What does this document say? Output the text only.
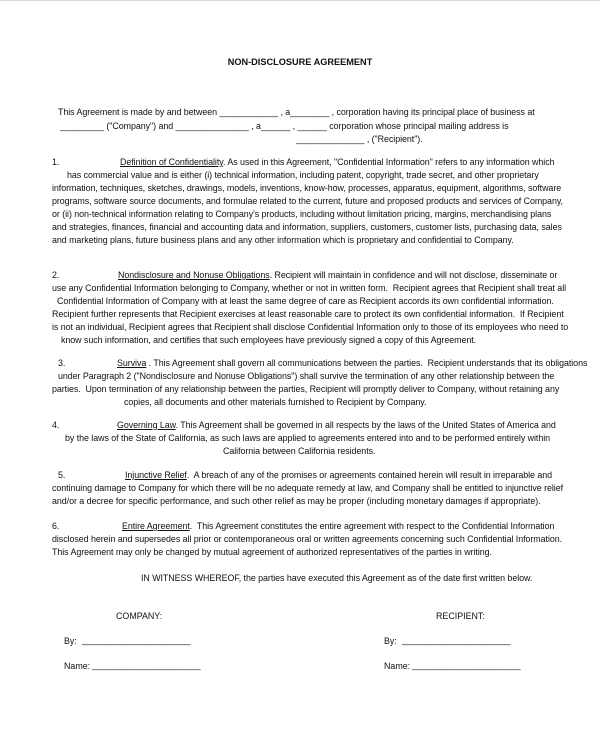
NON-DISCLOSURE AGREEMENT
This Agreement is made by and between ____________ , a________ , corporation having its principal place of business at
_________ ("Company") and _______________ , a______ , ______ corporation whose principal mailing address is
______________ , ("Recipient").
1.	Definition of Confidentiality. As used in this Agreement, "Confidential Information" refers to any information which
has commercial value and is either (i) technical information, including patent, copyright, trade secret, and other proprietary
information, techniques, sketches, drawings, models, inventions, know-how, processes, apparatus, equipment, algorithms, software
programs, software source documents, and formulae related to the current, future and proposed products and services of Company,
or (ii) non-technical information relating to Company's products, including without limitation pricing, margins, merchandising plans
and strategies, finances, financial and accounting data and information, suppliers, customers, customer lists, purchasing data, sales
and marketing plans, future business plans and any other information which is proprietary and confidential to Company.
2.	Nondisclosure and Nonuse Obligations. Recipient will maintain in confidence and will not disclose, disseminate or
use any Confidential Information belonging to Company, whether or not in written form.  Recipient agrees that Recipient shall treat all
Confidential Information of Company with at least the same degree of care as Recipient accords its own confidential information.
Recipient further represents that Recipient exercises at least reasonable care to protect its own confidential information.  If Recipient
is not an individual, Recipient agrees that Recipient shall disclose Confidential Information only to those of its employees who need to
know such information, and certifies that such employees have previously signed a copy of this Agreement.
3.	Surviva . This Agreement shall govern all communications between the parties.  Recipient understands that its obligations
under Paragraph 2 ("Nondisclosure and Nonuse Obligations") shall survive the termination of any other relationship between the
parties.  Upon termination of any relationship between the parties, Recipient will promptly deliver to Company, without retaining any
copies, all documents and other materials furnished to Recipient by Company.
4.	Governing Law. This Agreement shall be governed in all respects by the laws of the United States of America and
by the laws of the State of California, as such laws are applied to agreements entered into and to be performed entirely within
California between California residents.
5.	Injunctive Relief.  A breach of any of the promises or agreements contained herein will result in irreparable and
continuing damage to Company for which there will be no adequate remedy at law, and Company shall be entitled to injunctive relief
and/or a decree for specific performance, and such other relief as may be proper (including monetary damages if appropriate).
6.	Entire Agreement.  This Agreement constitutes the entire agreement with respect to the Confidential Information
disclosed herein and supersedes all prior or contemporaneous oral or written agreements concerning such Confidential Information.
This Agreement may only be changed by mutual agreement of authorized representatives of the parties in writing.
IN WITNESS WHEREOF, the parties have executed this Agreement as of the date first written below.
COMPANY:	RECIPIENT:
By: ______________________	By: ______________________
Name: ______________________	Name: ______________________
